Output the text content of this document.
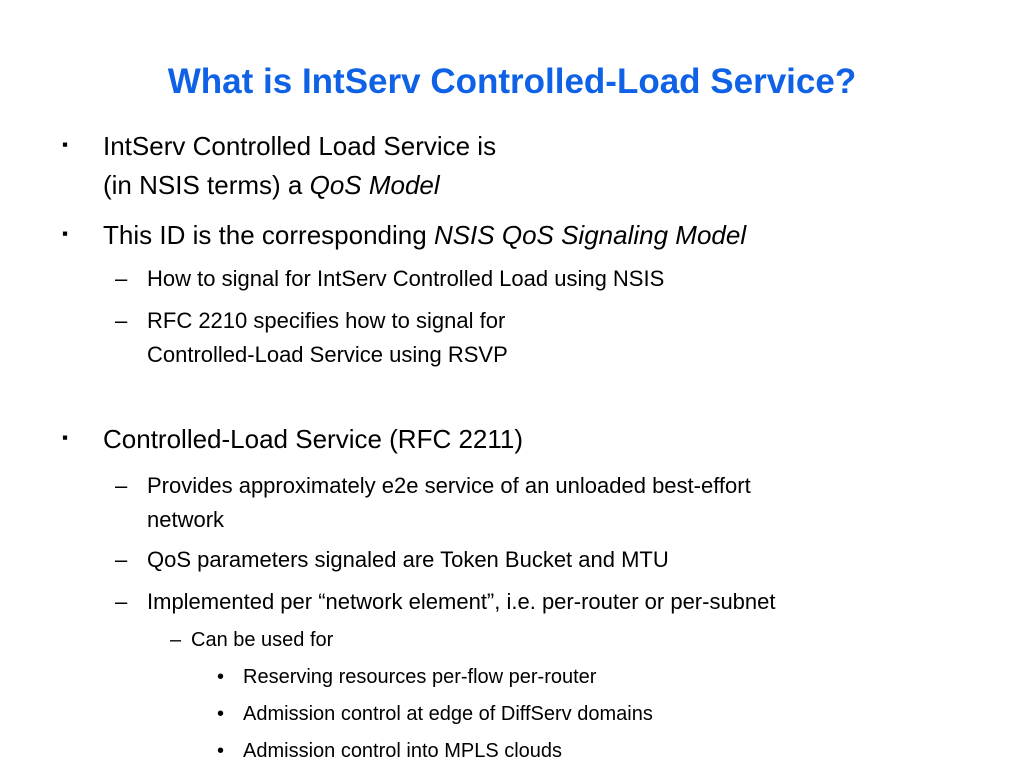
What is IntServ Controlled-Load Service?
▪ IntServ Controlled Load Service is
(in NSIS terms) a QoS Model
▪ This ID is the corresponding NSIS QoS Signaling Model
– How to signal for IntServ Controlled Load using NSIS
– RFC 2210 specifies how to signal for
Controlled-Load Service using RSVP
▪ Controlled-Load Service (RFC 2211)
– Provides approximately e2e service of an unloaded best-effort
network
– QoS parameters signaled are Token Bucket and MTU
– Implemented per “network element”, i.e. per-router or per-subnet
– Can be used for
• Reserving resources per-flow per-router
• Admission control at edge of DiffServ domains
• Admission control into MPLS clouds
